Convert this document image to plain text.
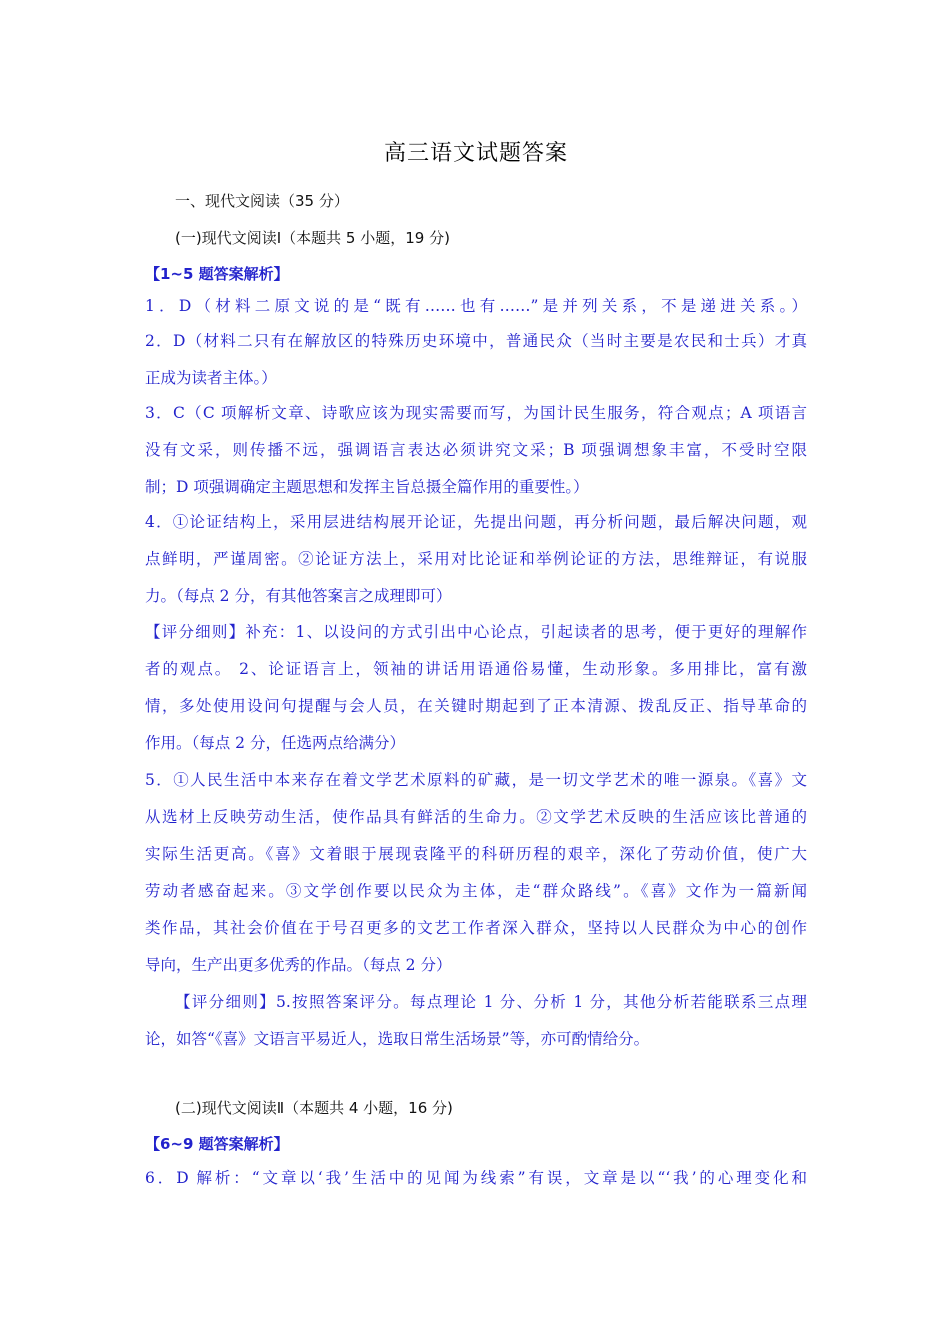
高三语文试题答案
一、现代文阅读（35 分）
(一)现代文阅读Ⅰ（本题共 5 小题，19 分)
【1~5 题答案解析】
1．D（材料二原文说的是“既有……也有……”是并列关系，不是递进关系。）
2．D（材料二只有在解放区的特殊历史环境中，普通民众（当时主要是农民和士兵）才真
正成为读者主体。）
3．C（C 项解析文章、诗歌应该为现实需要而写，为国计民生服务，符合观点；A 项语言
没有文采，则传播不远，强调语言表达必须讲究文采；B 项强调想象丰富，不受时空限
制；D 项强调确定主题思想和发挥主旨总摄全篇作用的重要性。）
4．①论证结构上，采用层进结构展开论证，先提出问题，再分析问题，最后解决问题，观
点鲜明，严谨周密。②论证方法上，采用对比论证和举例论证的方法，思维辩证，有说服
力。（每点 2 分，有其他答案言之成理即可）
【评分细则】补充：1、以设问的方式引出中心论点，引起读者的思考，便于更好的理解作
者的观点。 2、论证语言上，领袖的讲话用语通俗易懂，生动形象。多用排比，富有激
情，多处使用设问句提醒与会人员，在关键时期起到了正本清源、拨乱反正、指导革命的
作用。（每点 2 分，任选两点给满分）
5．①人民生活中本来存在着文学艺术原料的矿藏，是一切文学艺术的唯一源泉。《喜》文
从选材上反映劳动生活，使作品具有鲜活的生命力。②文学艺术反映的生活应该比普通的
实际生活更高。《喜》文着眼于展现袁隆平的科研历程的艰辛，深化了劳动价值，使广大
劳动者感奋起来。③文学创作要以民众为主体，走“群众路线”。《喜》文作为一篇新闻
类作品，其社会价值在于号召更多的文艺工作者深入群众，坚持以人民群众为中心的创作
导向，生产出更多优秀的作品。（每点 2 分）
【评分细则】5.按照答案评分。每点理论 1 分、分析 1 分，其他分析若能联系三点理
论，如答“《喜》文语言平易近人，选取日常生活场景”等，亦可酌情给分。
(二)现代文阅读Ⅱ（本题共 4 小题，16 分)
【6~9 题答案解析】
6．D 解析：“文章以‘我’生活中的见闻为线索”有误，文章是以“‘我’的心理变化和
